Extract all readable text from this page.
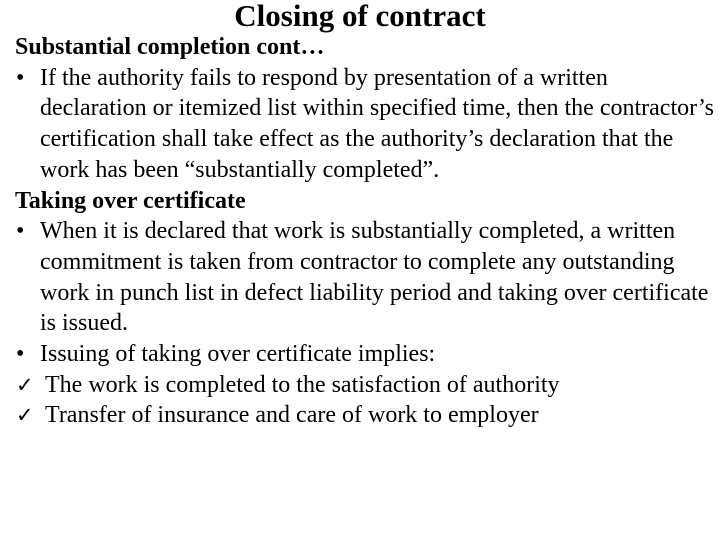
Closing of contract
Substantial completion cont…
• If the authority fails to respond by presentation of a written declaration or itemized list within specified time, then the contractor’s certification shall take effect as the authority’s declaration that the work has been “substantially completed”.
Taking over certificate
• When it is declared that work is substantially completed, a written commitment is taken from contractor to complete any outstanding work in punch list in defect liability period and taking over certificate is issued.
• Issuing of taking over certificate implies:
✓ The work is completed to the satisfaction of authority
✓ Transfer of insurance and care of work to employer
